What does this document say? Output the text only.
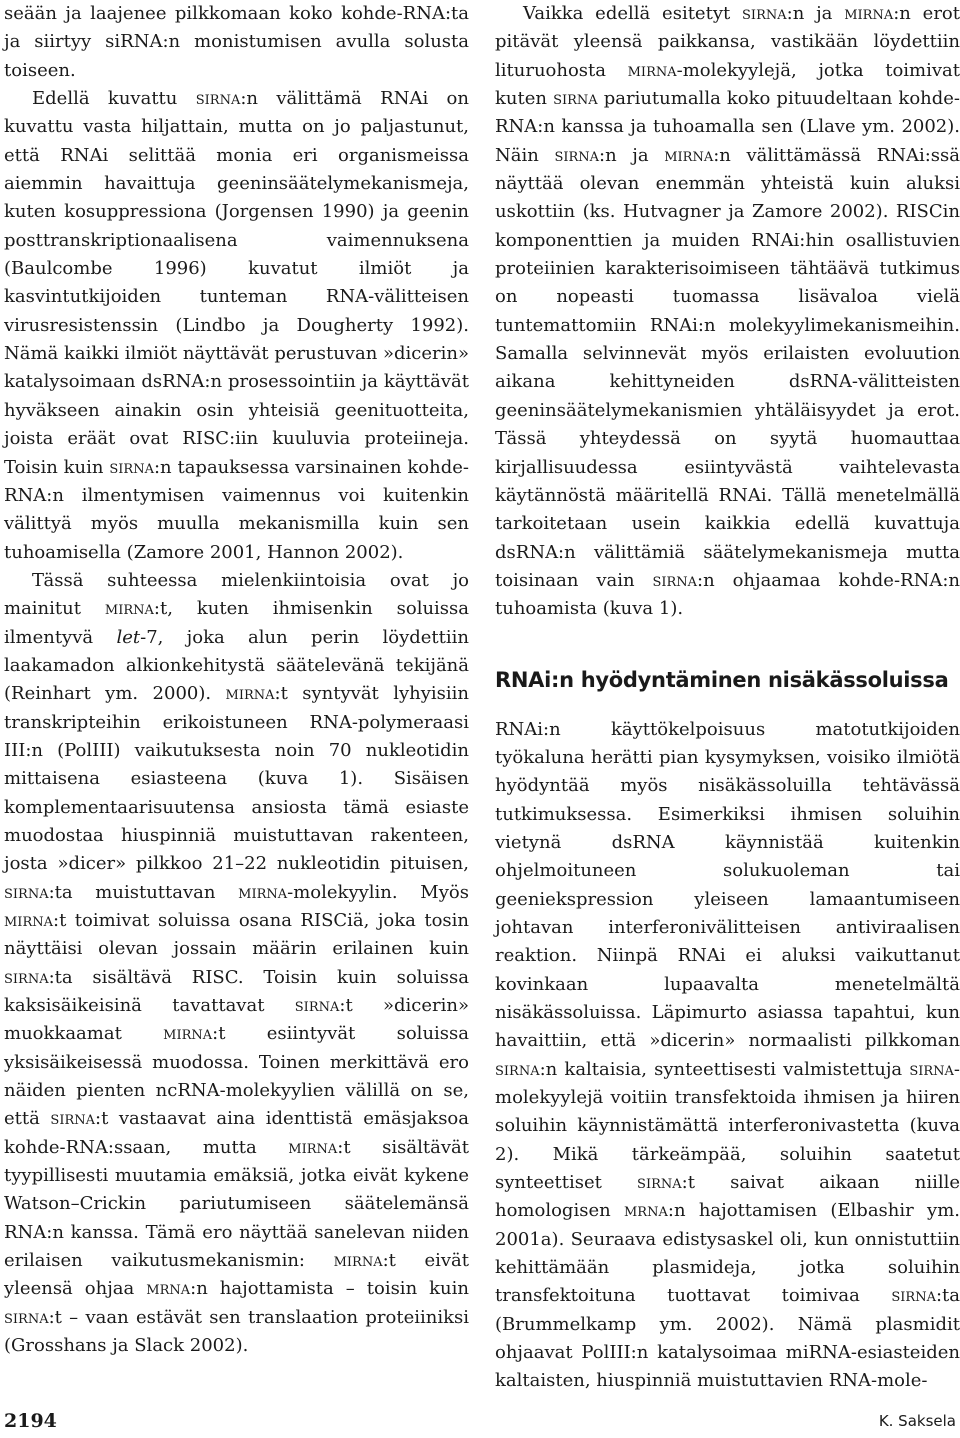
seään ja laajenee pilkkomaan koko kohde-RNA:ta ja siirtyy siRNA:n monistumisen avulla solusta toiseen.

Edellä kuvattu sirna:n välittämä RNAi on kuvattu vasta hiljattain, mutta on jo paljastunut, että RNAi selittää monia eri organismeissa aiemmin havaittuja geeninsäätelymekanismeja, kuten kosuppressiona (Jorgensen 1990) ja geenin posttranskriptionaalisena vaimennuksena (Baulcombe 1996) kuvatut ilmiöt ja kasvintutkijoiden tunteman RNA-välitteisen virusresistenssin (Lindbo ja Dougherty 1992). Nämä kaikki ilmiöt näyttävät perustuvan »dicerin» katalysoimaan dsRNA:n prosessointiin ja käyttävät hyväkseen ainakin osin yhteisiä geenituotteita, joista eräät ovat RISC:iin kuuluvia proteiineja. Toisin kuin sirna:n tapauksessa varsinainen kohde-RNA:n ilmentymisen vaimennus voi kuitenkin välittyä myös muulla mekanismilla kuin sen tuhoamisella (Zamore 2001, Hannon 2002).

Tässä suhteessa mielenkiintoisia ovat jo mainitut mirna:t, kuten ihmisenkin soluissa ilmentyvä let-7, joka alun perin löydettiin laakamadon alkionkehitystä säätelevänä tekijänä (Reinhart ym. 2000). mirna:t syntyvät lyhyisiin transkripteihin erikoistuneen RNA-polymeraasi III:n (PolIII) vaikutuksesta noin 70 nukleotidin mittaisena esiasteena (kuva 1). Sisäisen komplementaarisuutensa ansiosta tämä esiaste muodostaa hiuspinniä muistuttavan rakenteen, josta »dicer» pilkkoo 21–22 nukleotidin pituisen, sirna:ta muistuttavan mirna-molekyylin. Myös mirna:t toimivat soluissa osana RISCiä, joka tosin näyttäisi olevan jossain määrin erilainen kuin sirna:ta sisältävä RISC. Toisin kuin soluissa kaksisäikeisinä tavattavat sirna:t »dicerin» muokkaamat mirna:t esiintyvät soluissa yksisäikeisessä muodossa. Toinen merkittävä ero näiden pienten ncRNA-molekyylien välillä on se, että sirna:t vastaavat aina identtistä emäsjaksoa kohde-RNA:ssaan, mutta mirna:t sisältävät tyypillisesti muutamia emäksiä, jotka eivät kykene Watson–Crickin pariutumiseen säätelemänsä RNA:n kanssa. Tämä ero näyttää sanelevan niiden erilaisen vaikutusmekanismin: mirna:t eivät yleensä ohjaa mrna:n hajottamista – toisin kuin sirna:t – vaan estävät sen translaation proteiiniksi (Grosshans ja Slack 2002).

Vaikka edellä esitetyt sirna:n ja mirna:n erot pitävät yleensä paikkansa, vastikään löydettiin lituruohosta mirna-molekyylejä, jotka toimivat kuten sirna pariutumalla koko pituudeltaan kohde-RNA:n kanssa ja tuhoamalla sen (Llave ym. 2002). Näin sirna:n ja mirna:n välittämässä RNAi:ssä näyttää olevan enemmän yhteistä kuin aluksi uskottiin (ks. Hutvagner ja Zamore 2002). RISCin komponenttien ja muiden RNAi:hin osallistuvien proteiinien karakterisoimiseen tähtäävä tutkimus on nopeasti tuomassa lisävaloa vielä tuntemattomiin RNAi:n molekyylimekanismeihin. Samalla selvinnevät myös erilaisten evoluution aikana kehittyneiden dsRNA-välitteisten geeninsäätelymekanismien yhtäläisyydet ja erot. Tässä yhteydessä on syytä huomauttaa kirjallisuudessa esiintyvästä vaihtelevasta käytännöstä määritellä RNAi. Tällä menetelmällä tarkoitetaan usein kaikkia edellä kuvattuja dsRNA:n välittämiä säätelymekanismeja mutta toisinaan vain sirna:n ohjaamaa kohde-RNA:n tuhoamista (kuva 1).

RNAi:n hyödyntäminen nisäkässoluissa

RNAi:n käyttökelpoisuus matotutkijoiden työkaluna herätti pian kysymyksen, voisiko ilmiötä hyödyntää myös nisäkässoluilla tehtävässä tutkimuksessa. Esimerkiksi ihmisen soluihin vietynä dsRNA käynnistää kuitenkin ohjelmoituneen solukuoleman tai geeniekspression yleiseen lamaantumiseen johtavan interferonivälitteisen antiviraalisen reaktion. Niinpä RNAi ei aluksi vaikuttanut kovinkaan lupaavalta menetelmältä nisäkässoluissa. Läpimurto asiassa tapahtui, kun havaittiin, että »dicerin» normaalisti pilkkoman sirna:n kaltaisia, synteettisesti valmistettuja sirna-molekyylejä voitiin transfektoida ihmisen ja hiiren soluihin käynnistämättä interferonivastetta (kuva 2). Mikä tärkeämpää, soluihin saatetut synteettiset sirna:t saivat aikaan niille homologisen mrna:n hajottamisen (Elbashir ym. 2001a). Seuraava edistysaskel oli, kun onnistuttiin kehittämään plasmideja, jotka soluihin transfektoituna tuottavat toimivaa sirna:ta (Brummelkamp ym. 2002). Nämä plasmidit ohjaavat PolIII:n katalysoimaa miRNA-esiasteiden kaltaisten, hiuspinniä muistuttavien RNA-mole-

2194	K. Saksela
